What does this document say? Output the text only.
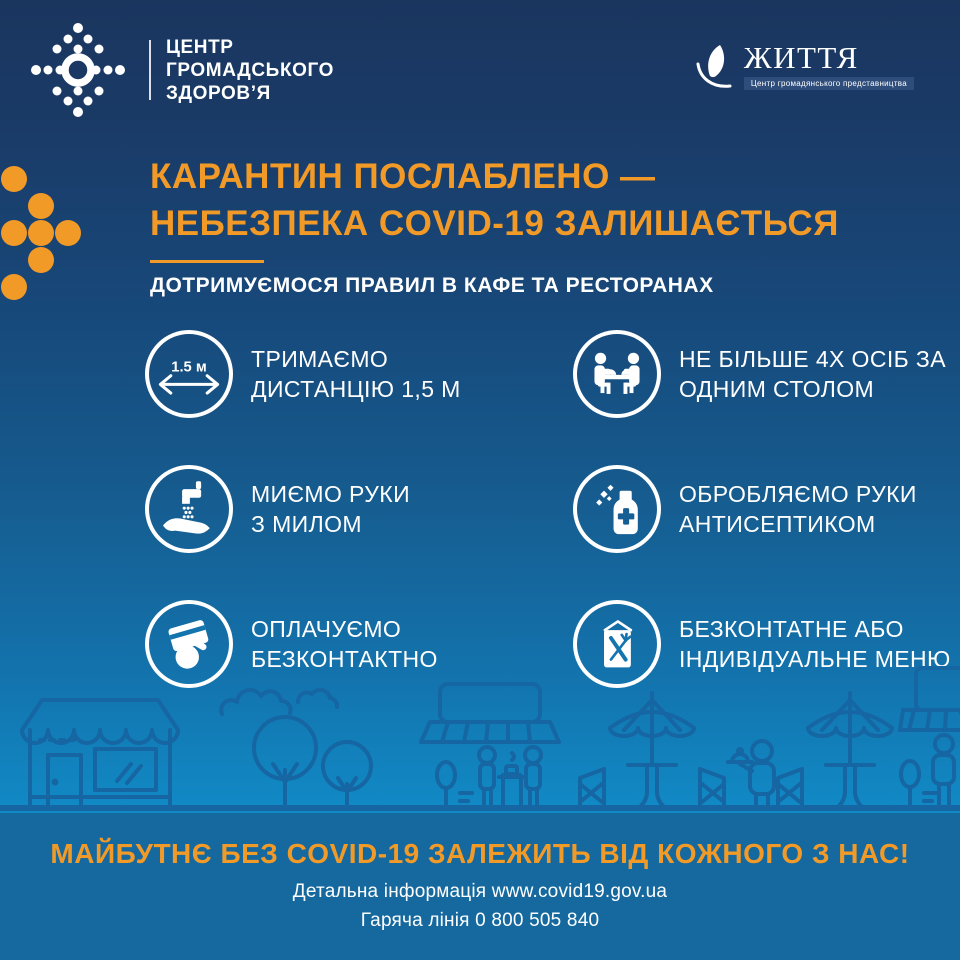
ЦЕНТР
ГРОМАДСЬКОГО
ЗДОРОВ’Я
ЖИТТЯ
Центр громадянського представництва
КАРАНТИН ПОСЛАБЛЕНО —
НЕБЕЗПЕКА COVID-19 ЗАЛИШАЄТЬСЯ
ДОТРИМУЄМОСЯ ПРАВИЛ В КАФЕ ТА РЕСТОРАНАХ
1.5 м ТРИМАЄМО
ДИСТАНЦІЮ 1,5 М
НЕ БІЛЬШЕ 4Х ОСІБ ЗА
ОДНИМ СТОЛОМ
МИЄМО РУКИ
З МИЛОМ
ОБРОБЛЯЄМО РУКИ
АНТИСЕПТИКОМ
ОПЛАЧУЄМО
БЕЗКОНТАКТНО
БЕЗКОНТАТНЕ АБО
ІНДИВІДУАЛЬНЕ МЕНЮ
МАЙБУТНЄ БЕЗ COVID-19 ЗАЛЕЖИТЬ ВІД КОЖНОГО З НАС!
Детальна інформація www.covid19.gov.ua
Гаряча лінія 0 800 505 840
